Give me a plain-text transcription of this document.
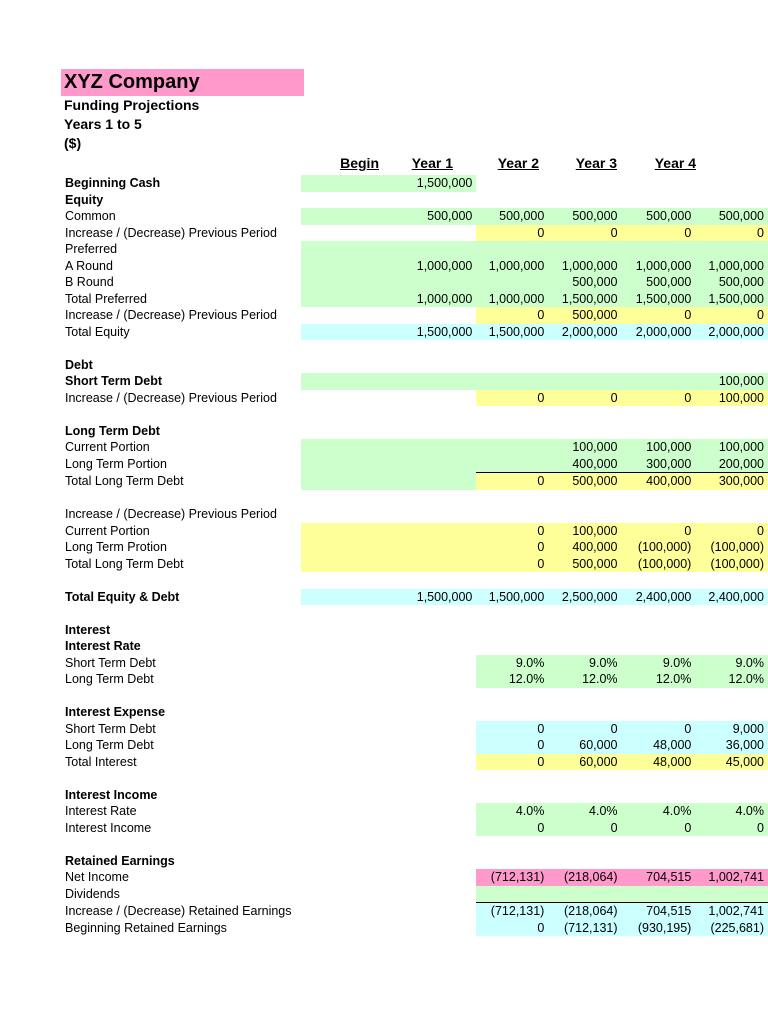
XYZ Company
Funding Projections
Years 1 to 5
($)
Begin	Year 1	Year 2	Year 3	Year 4
Beginning Cash	1,500,000				
Equity					
Common	500,000	500,000	500,000	500,000	500,000
Increase / (Decrease) Previous Period		0	0	0	0
Preferred					
A Round	1,000,000	1,000,000	1,000,000	1,000,000	1,000,000
B Round			500,000	500,000	500,000
Total Preferred	1,000,000	1,000,000	1,500,000	1,500,000	1,500,000
Increase / (Decrease) Previous Period		0	500,000	0	0
Total Equity	1,500,000	1,500,000	2,000,000	2,000,000	2,000,000

Debt					
Short Term Debt					100,000
Increase / (Decrease) Previous Period		0	0	0	100,000

Long Term Debt					
Current Portion			100,000	100,000	100,000
Long Term Portion			400,000	300,000	200,000
Total Long Term Debt		0	500,000	400,000	300,000

Increase / (Decrease) Previous Period					
Current Portion		0	100,000	0	0
Long Term Protion		0	400,000	(100,000)	(100,000)
Total Long Term Debt		0	500,000	(100,000)	(100,000)

Total Equity & Debt	1,500,000	1,500,000	2,500,000	2,400,000	2,400,000

Interest					
Interest Rate					
Short Term Debt		9.0%	9.0%	9.0%	9.0%
Long Term Debt		12.0%	12.0%	12.0%	12.0%

Interest Expense					
Short Term Debt		0	0	0	9,000
Long Term Debt		0	60,000	48,000	36,000
Total Interest		0	60,000	48,000	45,000

Interest Income					
Interest Rate		4.0%	4.0%	4.0%	4.0%
Interest Income		0	0	0	0

Retained Earnings					
Net Income		(712,131)	(218,064)	704,515	1,002,741
Dividends					
Increase / (Decrease) Retained Earnings		(712,131)	(218,064)	704,515	1,002,741
Beginning Retained Earnings		0	(712,131)	(930,195)	(225,681)
